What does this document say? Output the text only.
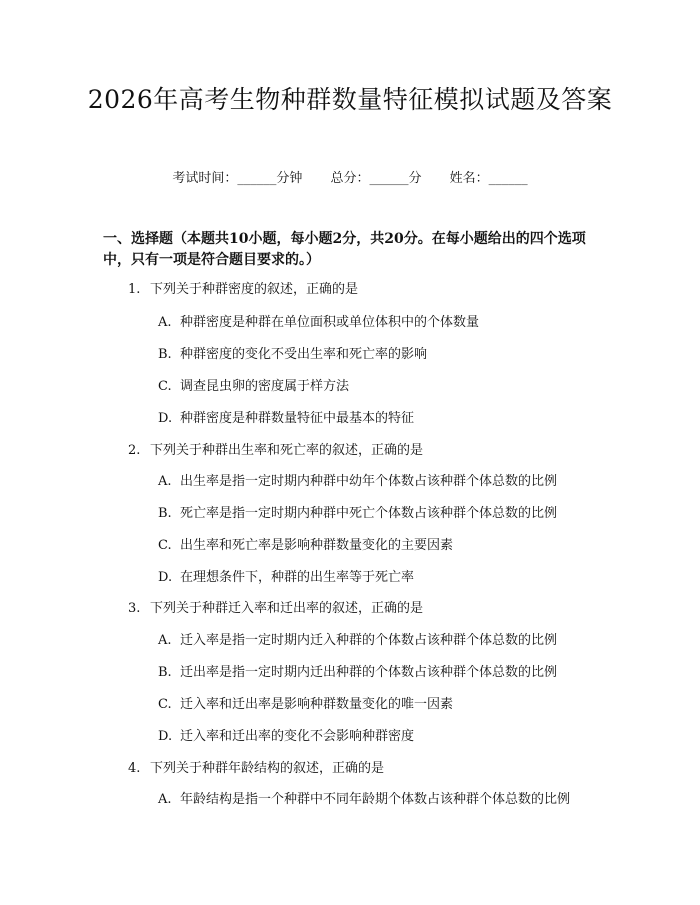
2026年高考生物种群数量特征模拟试题及答案
考试时间：______分钟 总分：______分 姓名：______
一、选择题（本题共10小题，每小题2分，共20分。在每小题给出的四个选项中，只有一项是符合题目要求的。）
1. 下列关于种群密度的叙述，正确的是
A. 种群密度是种群在单位面积或单位体积中的个体数量
B. 种群密度的变化不受出生率和死亡率的影响
C. 调查昆虫卵的密度属于样方法
D. 种群密度是种群数量特征中最基本的特征
2. 下列关于种群出生率和死亡率的叙述，正确的是
A. 出生率是指一定时期内种群中幼年个体数占该种群个体总数的比例
B. 死亡率是指一定时期内种群中死亡个体数占该种群个体总数的比例
C. 出生率和死亡率是影响种群数量变化的主要因素
D. 在理想条件下，种群的出生率等于死亡率
3. 下列关于种群迁入率和迁出率的叙述，正确的是
A. 迁入率是指一定时期内迁入种群的个体数占该种群个体总数的比例
B. 迁出率是指一定时期内迁出种群的个体数占该种群个体总数的比例
C. 迁入率和迁出率是影响种群数量变化的唯一因素
D. 迁入率和迁出率的变化不会影响种群密度
4. 下列关于种群年龄结构的叙述，正确的是
A. 年龄结构是指一个种群中不同年龄期个体数占该种群个体总数的比例
